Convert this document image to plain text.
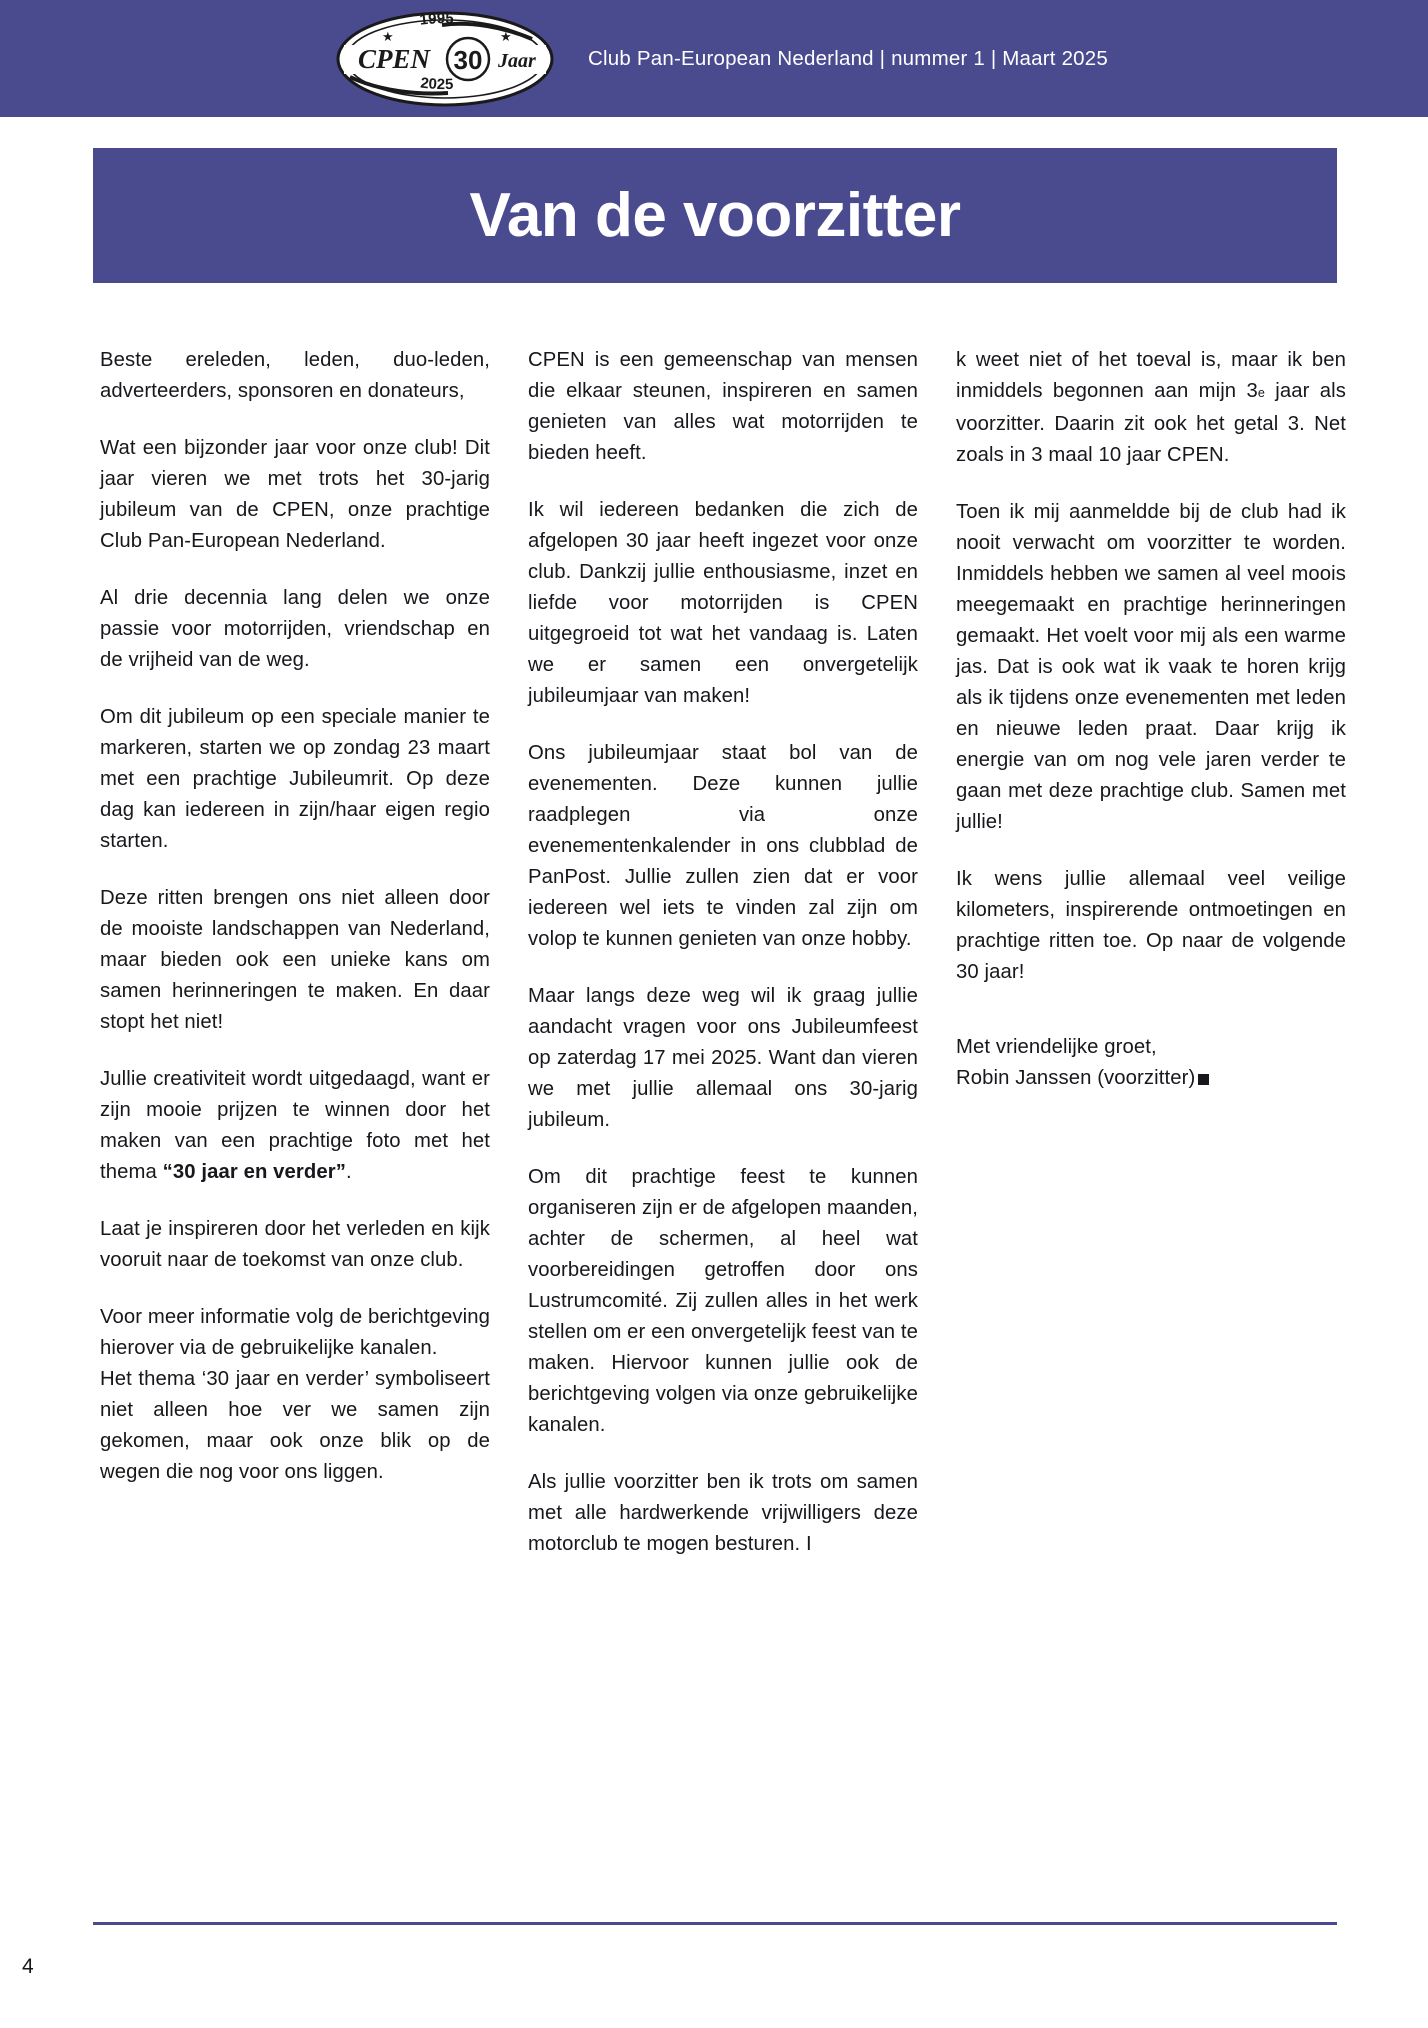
1995
★	★
2025
CPEN 30 Jaar	Club Pan-European Nederland | nummer 1 | Maart 2025
Van de voorzitter

Beste ereleden, leden, duo-leden, adverteerders, sponsoren en donateurs,

Wat een bijzonder jaar voor onze club! Dit jaar vieren we met trots het 30-jarig jubileum van de CPEN, onze prachtige Club Pan-European Nederland.

Al drie decennia lang delen we onze passie voor motorrijden, vriendschap en de vrijheid van de weg.

Om dit jubileum op een speciale manier te markeren, starten we op zondag 23 maart met een prachtige Jubileumrit. Op deze dag kan iedereen in zijn/haar eigen regio starten.

Deze ritten brengen ons niet alleen door de mooiste landschappen van Nederland, maar bieden ook een unieke kans om samen herinneringen te maken. En daar stopt het niet!

Jullie creativiteit wordt uitgedaagd, want er zijn mooie prijzen te winnen door het maken van een prachtige foto met het thema “30 jaar en verder”.

Laat je inspireren door het verleden en kijk vooruit naar de toekomst van onze club.

Voor meer informatie volg de berichtgeving hierover via de gebruikelijke kanalen.

Het thema ‘30 jaar en verder’ symboliseert niet alleen hoe ver we samen zijn gekomen, maar ook onze blik op de wegen die nog voor ons liggen.

CPEN is een gemeenschap van mensen die elkaar steunen, inspireren en samen genieten van alles wat motorrijden te bieden heeft.

Ik wil iedereen bedanken die zich de afgelopen 30 jaar heeft ingezet voor onze club. Dankzij jullie enthousiasme, inzet en liefde voor motorrijden is CPEN uitgegroeid tot wat het vandaag is. Laten we er samen een onvergetelijk jubileumjaar van maken!

Ons jubileumjaar staat bol van de evenementen. Deze kunnen jullie raadplegen via onze evenementenkalender in ons clubblad de PanPost. Jullie zullen zien dat er voor iedereen wel iets te vinden zal zijn om volop te kunnen genieten van onze hobby.

Maar langs deze weg wil ik graag jullie aandacht vragen voor ons Jubileumfeest op zaterdag 17 mei 2025. Want dan vieren we met jullie allemaal ons 30-jarig jubileum.

Om dit prachtige feest te kunnen organiseren zijn er de afgelopen maanden, achter de schermen, al heel wat voorbereidingen getroffen door ons Lustrumcomité. Zij zullen alles in het werk stellen om er een onvergetelijk feest van te maken. Hiervoor kunnen jullie ook de berichtgeving volgen via onze gebruikelijke kanalen.

Als jullie voorzitter ben ik trots om samen met alle hardwerkende vrijwilligers deze motorclub te mogen besturen. I

k weet niet of het toeval is, maar ik ben inmiddels begonnen aan mijn 3e jaar als voorzitter. Daarin zit ook het getal 3. Net zoals in 3 maal 10 jaar CPEN.

Toen ik mij aanmeldde bij de club had ik nooit verwacht om voorzitter te worden. Inmiddels hebben we samen al veel moois meegemaakt en prachtige herinneringen gemaakt. Het voelt voor mij als een warme jas. Dat is ook wat ik vaak te horen krijg als ik tijdens onze evenementen met leden en nieuwe leden praat. Daar krijg ik energie van om nog vele jaren verder te gaan met deze prachtige club. Samen met jullie!

Ik wens jullie allemaal veel veilige kilometers, inspirerende ontmoetingen en prachtige ritten toe. Op naar de volgende 30 jaar!

Met vriendelijke groet,

Robin Janssen (voorzitter)

4
